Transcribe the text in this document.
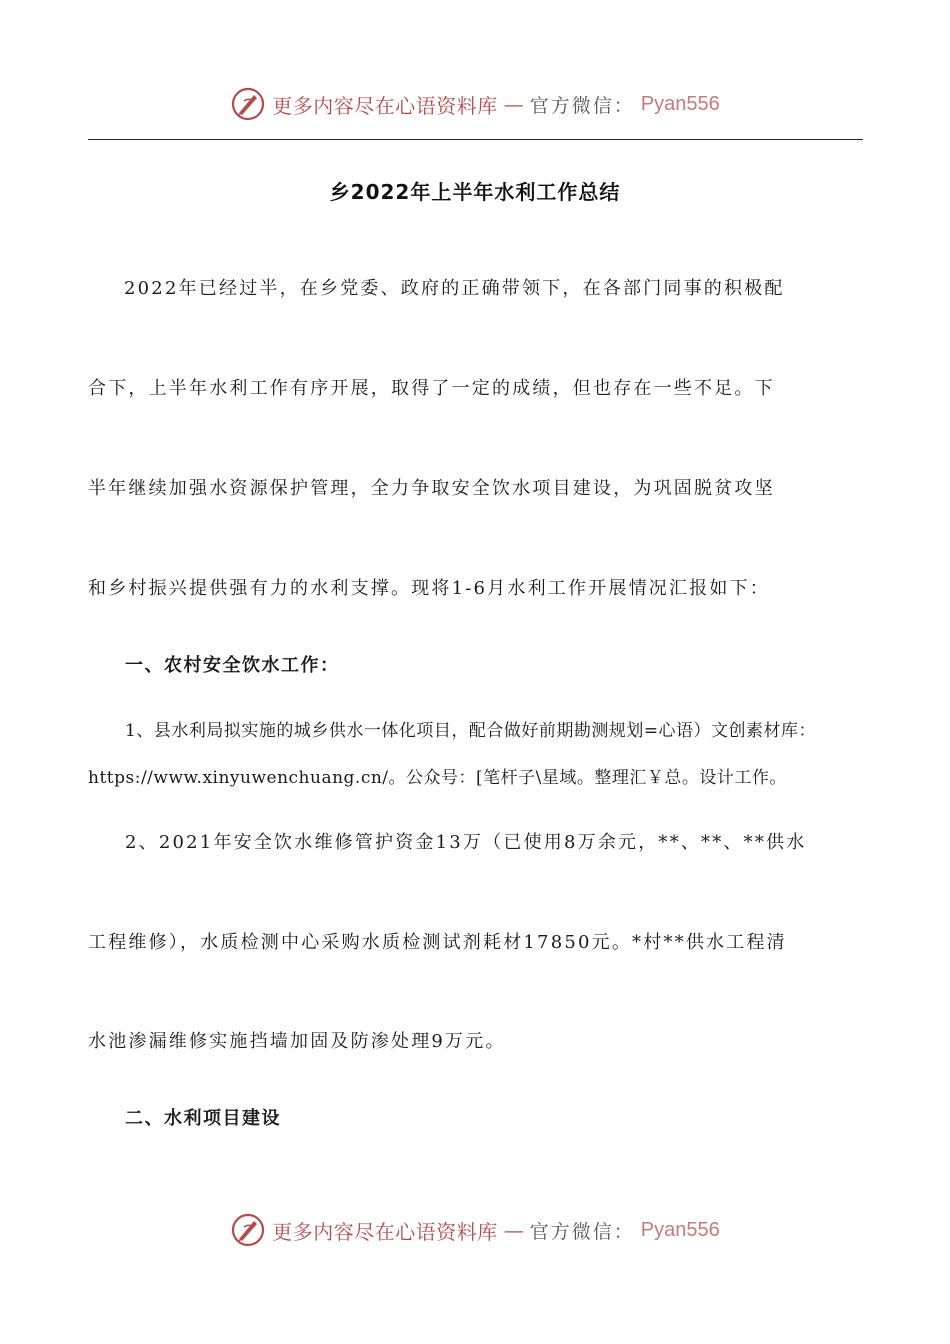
更多内容尽在心语资料库 — 官方微信： Pyan556
乡2022年上半年水利工作总结
2022年已经过半，在乡党委、政府的正确带领下，在各部门同事的积极配
合下，上半年水利工作有序开展，取得了一定的成绩，但也存在一些不足。下
半年继续加强水资源保护管理，全力争取安全饮水项目建设，为巩固脱贫攻坚
和乡村振兴提供强有力的水利支撑。现将1-6月水利工作开展情况汇报如下：
一、农村安全饮水工作：
1、县水利局拟实施的城乡供水一体化项目，配合做好前期勘测规划=心语）文创素材库：
https://www.xinyuwenchuang.cn/。公众号：[笔杆子\星域。整理汇￥总。设计工作。
2、2021年安全饮水维修管护资金13万（已使用8万余元，**、**、**供水
工程维修），水质检测中心采购水质检测试剂耗材17850元。*村**供水工程清
水池渗漏维修实施挡墙加固及防渗处理9万元。
二、水利项目建设
更多内容尽在心语资料库 — 官方微信： Pyan556
